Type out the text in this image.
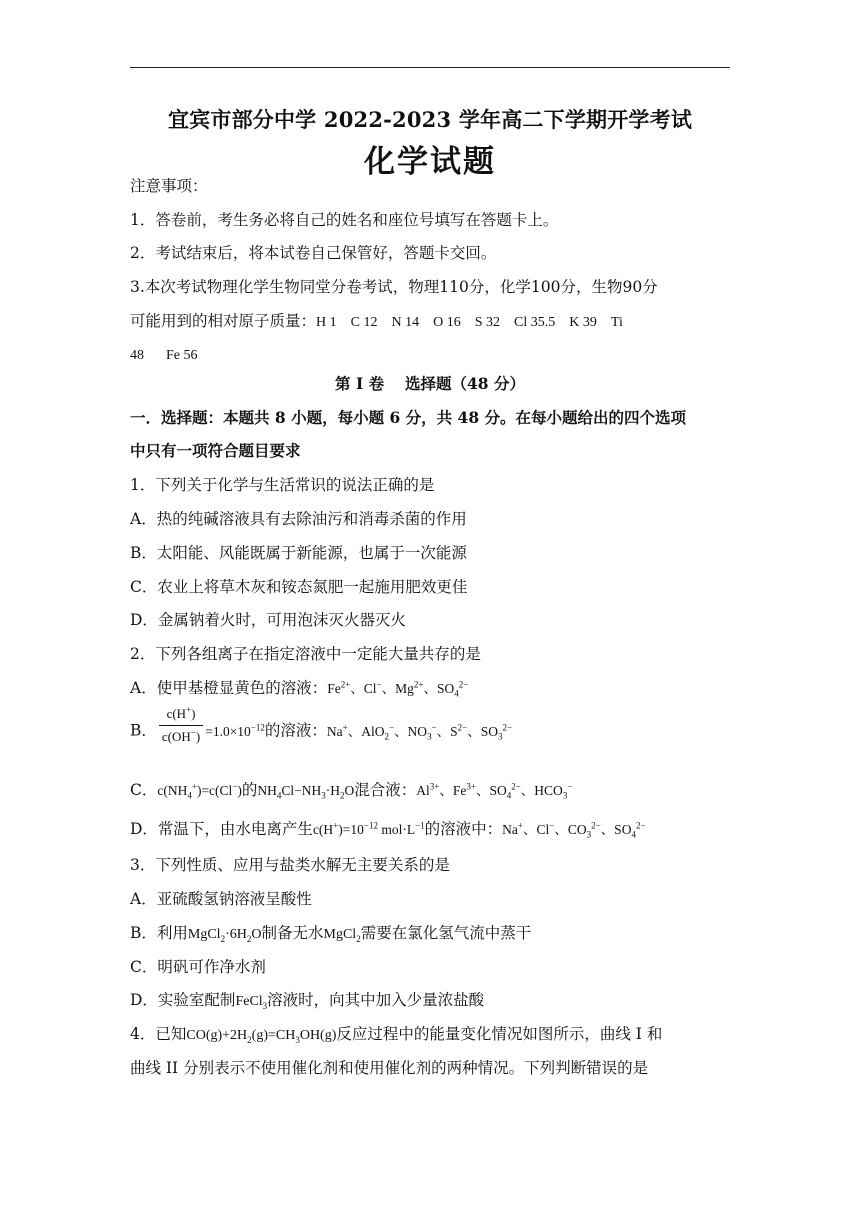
宜宾市部分中学 2022-2023 学年高二下学期开学考试
化学试题
注意事项：
1．答卷前，考生务必将自己的姓名和座位号填写在答题卡上。
2．考试结束后，将本试卷自己保管好，答题卡交回。
3.本次考试物理化学生物同堂分卷考试，物理110分，化学100分，生物90分
可能用到的相对原子质量：H 1 C 12 N 14 O 16 S 32 Cl 35.5 K 39 Ti
48 Fe 56
第 I 卷　 选择题（48 分）
一．选择题：本题共 8 小题，每小题 6 分，共 48 分。在每小题给出的四个选项
中只有一项符合题目要求
1．下列关于化学与生活常识的说法正确的是
A．热的纯碱溶液具有去除油污和消毒杀菌的作用
B．太阳能、风能既属于新能源，也属于一次能源
C．农业上将草木灰和铵态氮肥一起施用肥效更佳
D．金属钠着火时，可用泡沫灭火器灭火
2．下列各组离子在指定溶液中一定能大量共存的是
A．使甲基橙显黄色的溶液：$Fe^{2+}$、Cl−、$Mg^{2+}$、$SO_4^{2-}$
B． $\frac{c(H^+)}{c(OH^-)} =1.0\times 10^{-12}$的溶液：Na+、AlO$_2$−、$NO_3^-$、$S^{2-}$、$SO_3^{2-}$
C．$c(NH_4^+)=c(Cl^-)$的$NH_4Cl-NH_3\cdot H_2O$混合液：$Al^{3+}$、$Fe^{3+}$、$SO_4^{2-}$、$HCO_3^-$
D．常温下，由水电离产生$c(H^+)=10^{-12}$ $mol\cdot L^{-1}$的溶液中：Na+、Cl−、$CO_3^{2-}$、$SO_4^{2-}$
3．下列性质、应用与盐类水解无主要关系的是
A．亚硫酸氢钠溶液呈酸性
B．利用$MgCl_2\cdot 6H_2O$制备无水MgCl$_2$需要在氯化氢气流中蒸干
C．明矾可作净水剂
D．实验室配制FeCl$_3$溶液时，向其中加入少量浓盐酸
4．已知$CO(g)+2H_2(g)=CH_3OH(g)$反应过程中的能量变化情况如图所示，曲线 I 和
曲线 II 分别表示不使用催化剂和使用催化剂的两种情况。下列判断错误的是
